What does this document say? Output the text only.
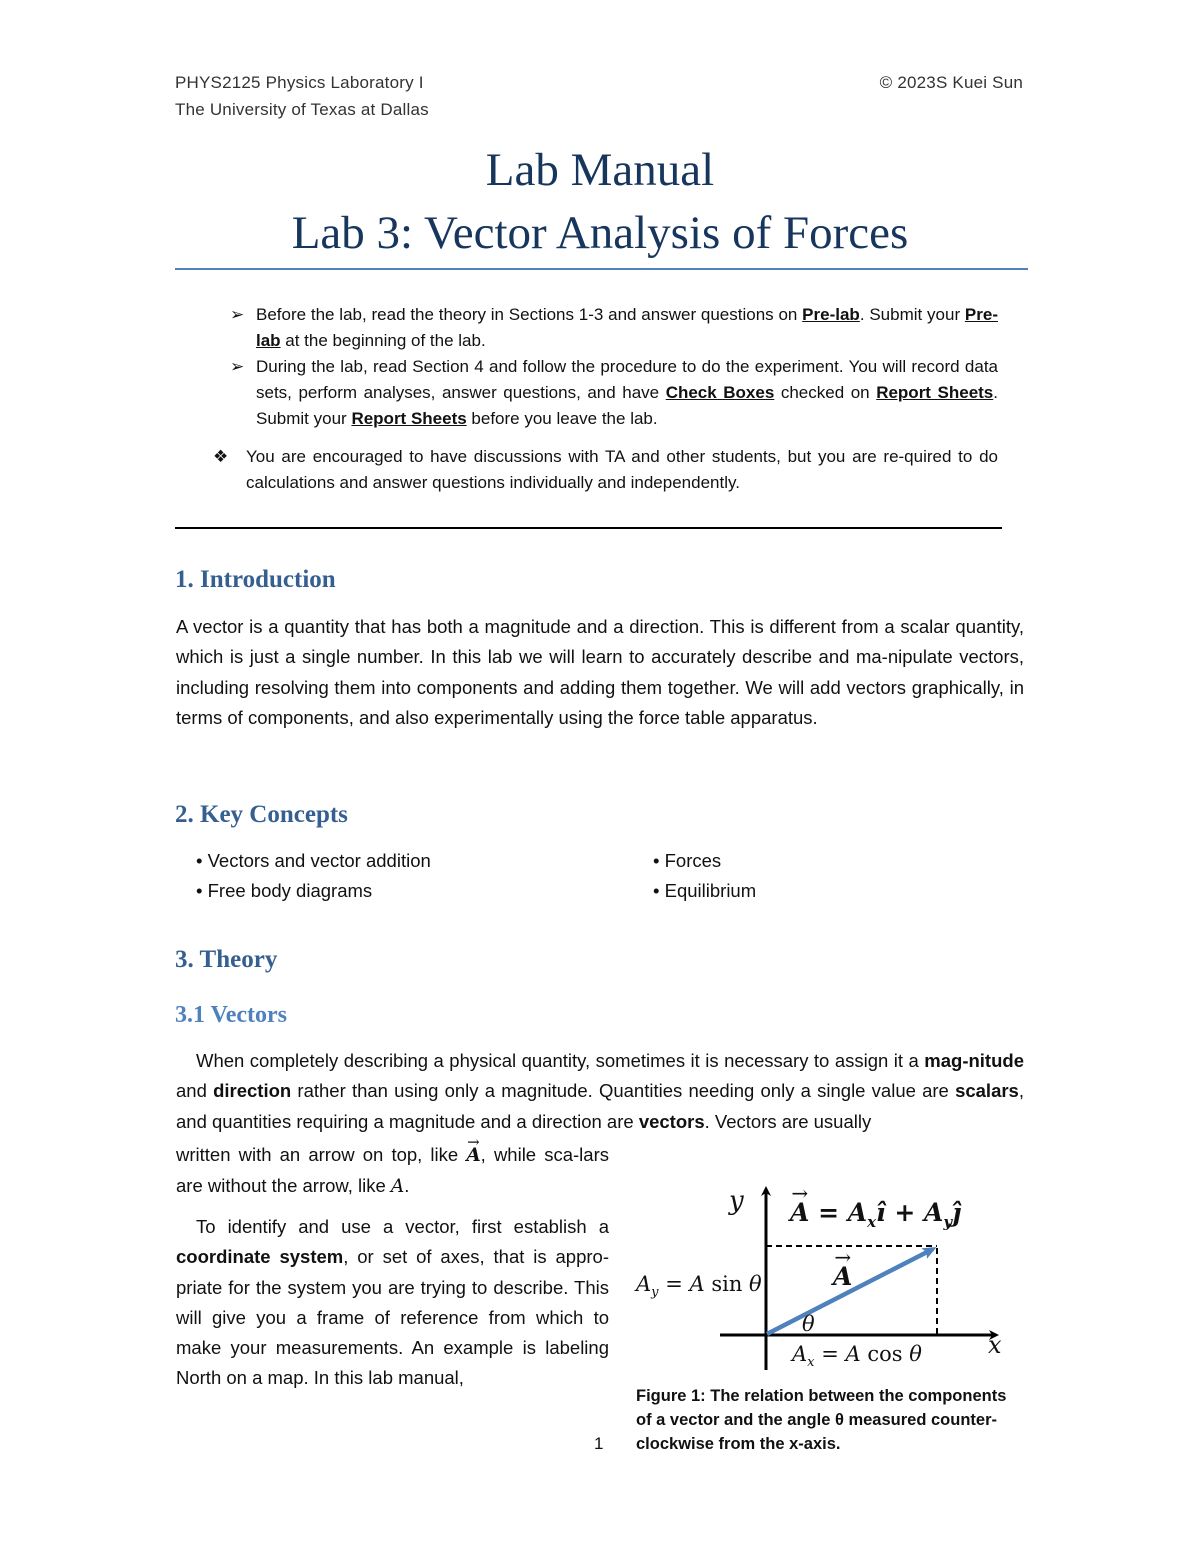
PHYS2125 Physics Laboratory I
The University of Texas at Dallas
© 2023S Kuei Sun
Lab Manual
Lab 3: Vector Analysis of Forces
➢ Before the lab, read the theory in Sections 1-3 and answer questions on Pre-lab. Submit your Pre-lab at the beginning of the lab.
➢ During the lab, read Section 4 and follow the procedure to do the experiment. You will record data sets, perform analyses, answer questions, and have Check Boxes checked on Report Sheets. Submit your Report Sheets before you leave the lab.
❖ You are encouraged to have discussions with TA and other students, but you are re-quired to do calculations and answer questions individually and independently.
1. Introduction
A vector is a quantity that has both a magnitude and a direction. This is different from a scalar quantity, which is just a single number. In this lab we will learn to accurately describe and ma-nipulate vectors, including resolving them into components and adding them together. We will add vectors graphically, in terms of components, and also experimentally using the force table apparatus.
2. Key Concepts
• Vectors and vector addition
• Free body diagrams
• Forces
• Equilibrium
3. Theory
3.1 Vectors
When completely describing a physical quantity, sometimes it is necessary to assign it a mag-nitude and direction rather than using only a magnitude. Quantities needing only a single value are scalars, and quantities requiring a magnitude and a direction are vectors. Vectors are usually
written with an arrow on top, like → A, while sca-lars are without the arrow, like A.
To identify and use a vector, first establish a coordinate system, or set of axes, that is appro-priate for the system you are trying to describe. This will give you a frame of reference from which to make your measurements. An example is labeling North on a map. In this lab manual,
y
x
→ $A = A_xî$ + $A_yĵ$
→ A
θ
$A_y = A$ sin θ
$A_x = A$ cos θ
Figure 1: The relation between the components of a vector and the angle θ measured counter-clockwise from the x-axis.
1
